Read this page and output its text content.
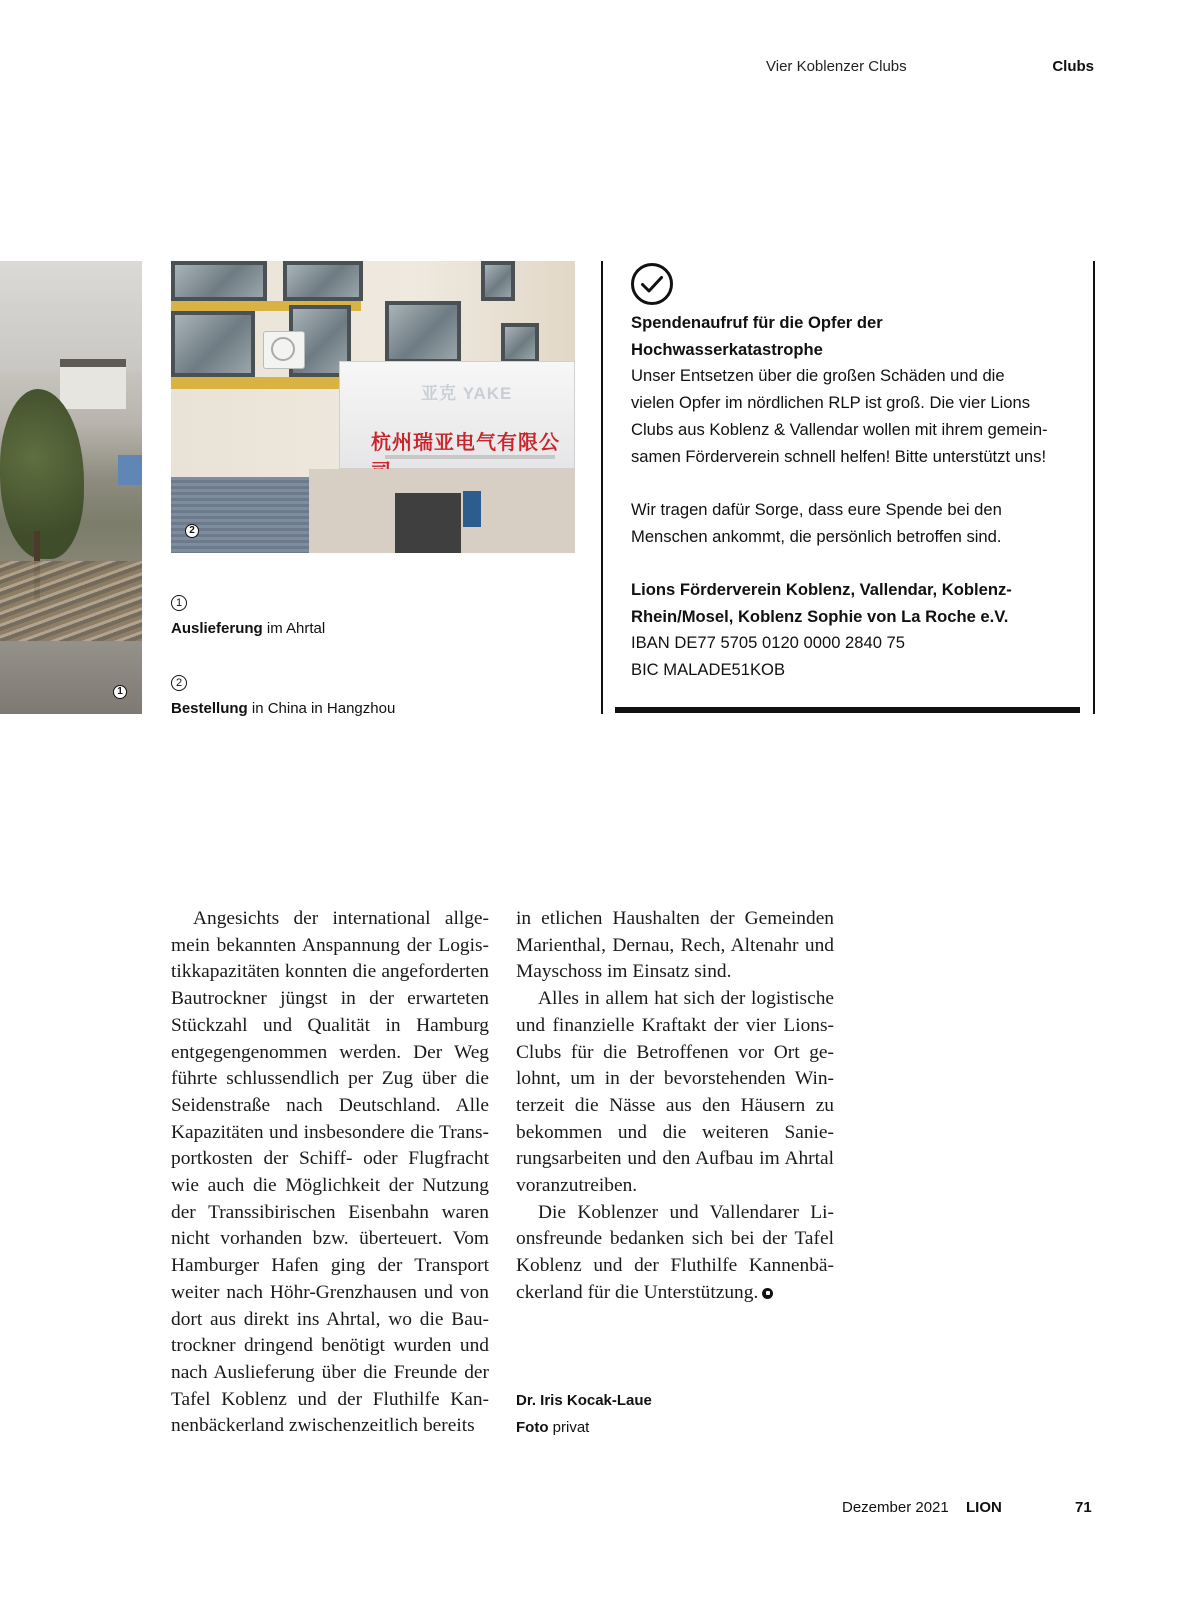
Vier Koblenzer Clubs	Clubs
1
亚克 YAKE
杭州瑞亚电气有限公
2
1
Auslieferung im Ahrtal
2
Bestellung in China in Hangzhou

Spendenaufruf für die Opfer der

Hochwasserkatastrophe

Unser Entsetzen über die großen Schäden und die

vielen Opfer im nördlichen RLP ist groß. Die vier Lions

Clubs aus Koblenz & Vallendar wollen mit ihrem gemein-

samen Förderverein schnell helfen! Bitte unterstützt uns!

Wir tragen dafür Sorge, dass eure Spende bei den

Menschen ankommt, die persönlich betroffen sind.

Lions Förderverein Koblenz, Vallendar, Koblenz-

Rhein/Mosel, Koblenz Sophie von La Roche e.V.

IBAN DE77 5705 0120 0000 2840 75

BIC MALADE51KOB

Angesichts der international allgemein bekannten Anspannung der Logistikkapazitäten konnten die angeforderten Bautrockner jüngst in der erwarteten Stückzahl und Qualität in Hamburg entgegengenommen werden. Der Weg führte schlussendlich per Zug über die Seidenstraße nach Deutschland. Alle Kapazitäten und insbesondere die Transportkosten der Schiff- oder Flugfracht wie auch die Möglichkeit der Nutzung der Transsibirischen Eisenbahn waren nicht vorhanden bzw. überteuert. Vom Hamburger Hafen ging der Transport weiter nach Höhr-Grenzhausen und von dort aus direkt ins Ahrtal, wo die Bautrockner dringend benötigt wurden und nach Auslieferung über die Freunde der Tafel Koblenz und der Fluthilfe Kannenbäckerland zwischenzeitlich bereits

in etlichen Haushalten der Gemeinden Marienthal, Dernau, Rech, Altenahr und Mayschoss im Einsatz sind.

Alles in allem hat sich der logistische und finanzielle Kraftakt der vier Lions-Clubs für die Betroffenen vor Ort gelohnt, um in der bevorstehenden Winterzeit die Nässe aus den Häusern zu bekommen und die weiteren Sanierungsarbeiten und den Aufbau im Ahrtal voranzutreiben.

Die Koblenzer und Vallendarer Lionsfreunde bedanken sich bei der Tafel Koblenz und der Fluthilfe Kannenbäckerland für die Unterstützung.

Dr. Iris Kocak-Laue
Foto privat
Dezember 2021 LION	71
